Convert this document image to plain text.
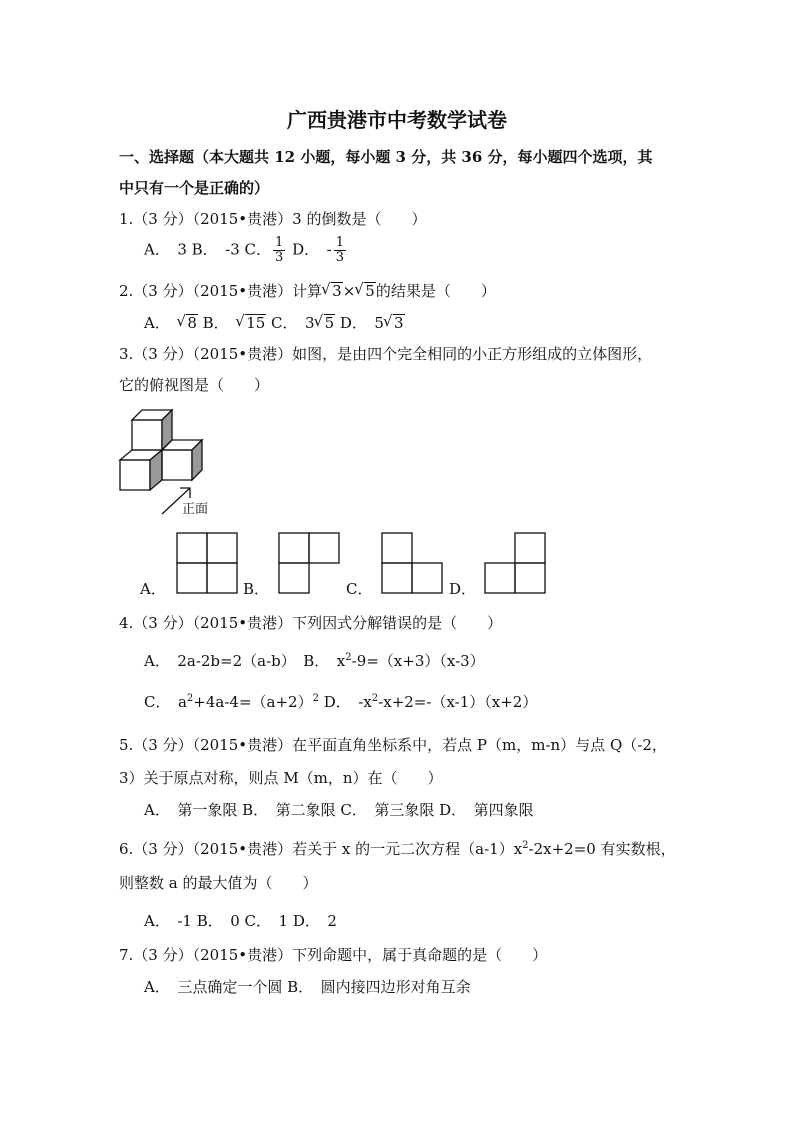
广西贵港市中考数学试卷
一、选择题（本大题共 12 小题，每小题 3 分，共 36 分，每小题四个选项，其
中只有一个是正确的）
1.（3 分）（2015•贵港）3 的倒数是（　　）
A．　3 B．　-3 C． $\frac{1}{3}$ D．　- $\frac{1}{3}$
2.（3 分）（2015•贵港）计算 √ 3× √ 5的结果是（　　）
A．　√ 8 B．　√ 15 C．　3 √ 5 D．　5 √ 3
3.（3 分）（2015•贵港）如图，是由四个完全相同的小正方形组成的立体图形，
它的俯视图是（　　）
正面
A．	B．	C．	D．
4.（3 分）（2015•贵港）下列因式分解错误的是（　　）
A．　2a-2b=2（a-b）　B．　$x^2-9=(x+3)(x-3)$
C．　$a^2+4a-4=(a+2)^2$ D．　$-x^2-x+2=-(x-1)(x+2)$
5.（3 分）（2015•贵港）在平面直角坐标系中，若点 P（m，m-n）与点 Q（-2，
3）关于原点对称，则点 M（m，n）在（　　）
A．　第一象限 B．　第二象限 C．　第三象限 D．　第四象限
6.（3 分）（2015•贵港）若关于 x 的一元二次方程$(a-1)x^2-2x+2=0$ 有实数根，
则整数 a 的最大值为（　　）
A．　-1 B．　0 C．　1 D．　2
7.（3 分）（2015•贵港）下列命题中，属于真命题的是（　　）
A．　三点确定一个圆 B．　圆内接四边形对角互余
